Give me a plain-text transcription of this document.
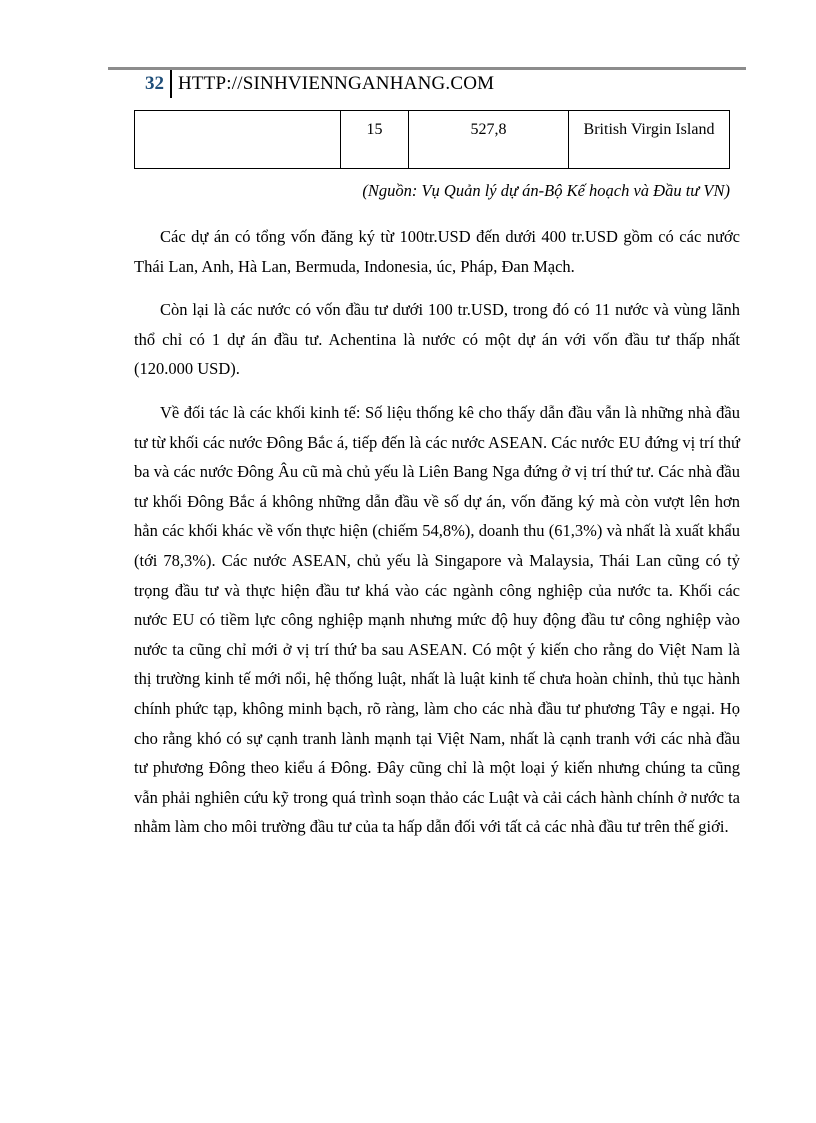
32 HTTP://SINHVIENNGANHANG.COM
	15	527,8	British Virgin Island
(Nguồn: Vụ Quản lý dự án-Bộ Kế hoạch và Đầu tư VN)

Các dự án có tổng vốn đăng ký từ 100tr.USD đến dưới 400 tr.USD gồm có các nước Thái Lan, Anh, Hà Lan, Bermuda, Indonesia, úc, Pháp, Đan Mạch.

Còn lại là các nước có vốn đầu tư dưới 100 tr.USD, trong đó có 11 nước và vùng lãnh thổ chỉ có 1 dự án đầu tư. Achentina là nước có một dự án với vốn đầu tư thấp nhất (120.000 USD).

Về đối tác là các khối kinh tế: Số liệu thống kê cho thấy dẫn đầu vẫn là những nhà đầu tư từ khối các nước Đông Bắc á, tiếp đến là các nước ASEAN. Các nước EU đứng vị trí thứ ba và các nước Đông Âu cũ mà chủ yếu là Liên Bang Nga đứng ở vị trí thứ tư. Các nhà đầu tư khối Đông Bắc á không những dẫn đầu về số dự án, vốn đăng ký mà còn vượt lên hơn hẳn các khối khác về vốn thực hiện (chiếm 54,8%), doanh thu (61,3%) và nhất là xuất khẩu (tới 78,3%). Các nước ASEAN, chủ yếu là Singapore và Malaysia, Thái Lan cũng có tỷ trọng đầu tư và thực hiện đầu tư khá vào các ngành công nghiệp của nước ta. Khối các nước EU có tiềm lực công nghiệp mạnh nhưng mức độ huy động đầu tư công nghiệp vào nước ta cũng chỉ mới ở vị trí thứ ba sau ASEAN. Có một ý kiến cho rằng do Việt Nam là thị trường kinh tế mới nổi, hệ thống luật, nhất là luật kinh tế chưa hoàn chỉnh, thủ tục hành chính phức tạp, không minh bạch, rõ ràng, làm cho các nhà đầu tư phương Tây e ngại. Họ cho rằng khó có sự cạnh tranh lành mạnh tại Việt Nam, nhất là cạnh tranh với các nhà đầu tư phương Đông theo kiểu á Đông. Đây cũng chỉ là một loại ý kiến nhưng chúng ta cũng vẫn phải nghiên cứu kỹ trong quá trình soạn thảo các Luật và cải cách hành chính ở nước ta nhằm làm cho môi trường đầu tư của ta hấp dẫn đối với tất cả các nhà đầu tư trên thế giới.
